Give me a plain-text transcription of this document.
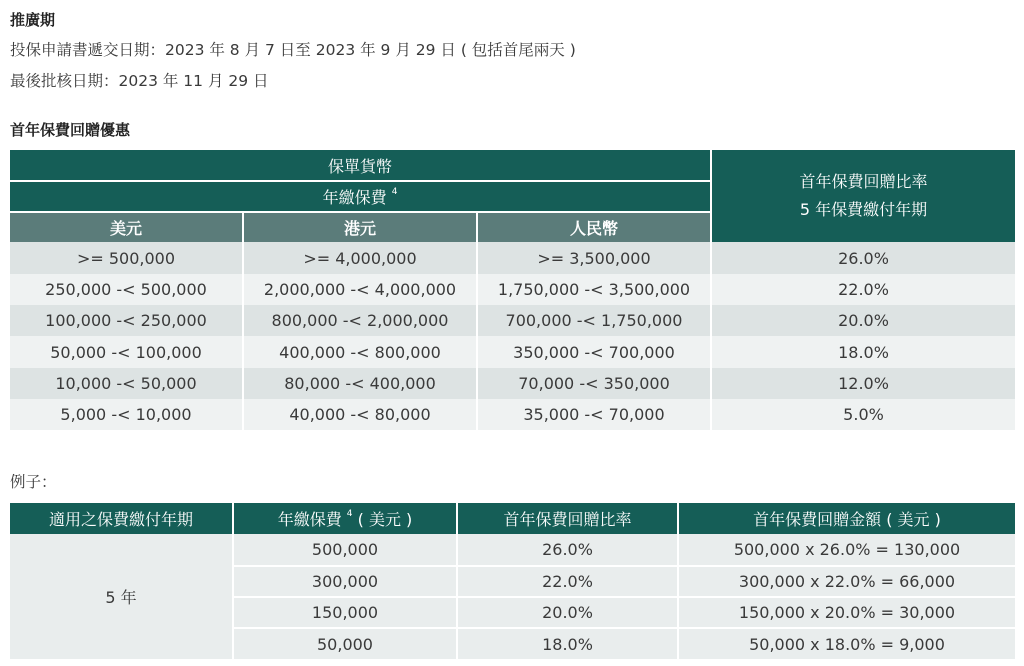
推廣期
投保申請書遞交日期：2023 年 8 月 7 日至 2023 年 9 月 29 日 ( 包括首尾兩天 )
最後批核日期：2023 年 11 月 29 日
首年保費回贈優惠
保單貨幣			首年保費回贈比率
5 年保費繳付年期

年繳保費 $^4$
美元	港元	人民幣	
>= 500,000	>= 4,000,000	>= 3,500,000	26.0%
250,000 -< 500,000	2,000,000 -< 4,000,000	1,750,000 -< 3,500,000	22.0%
100,000 -< 250,000	800,000 -< 2,000,000	700,000 -< 1,750,000	20.0%
50,000 -< 100,000	400,000 -< 800,000	350,000 -< 700,000	18.0%
10,000 -< 50,000	80,000 -< 400,000	70,000 -< 350,000	12.0%
5,000 -< 10,000	40,000 -< 80,000	35,000 -< 70,000	5.0%
例子：
適用之保費繳付年期	年繳保費 $^4$ ( 美元 )	首年保費回贈比率	首年保費回贈金額 ( 美元 )
5 年	500,000	26.0%	500,000 x 26.0% = 130,000
	300,000	22.0%	300,000 x 22.0% = 66,000
	150,000	20.0%	150,000 x 20.0% = 30,000
	50,000	18.0%	50,000 x 18.0% = 9,000
